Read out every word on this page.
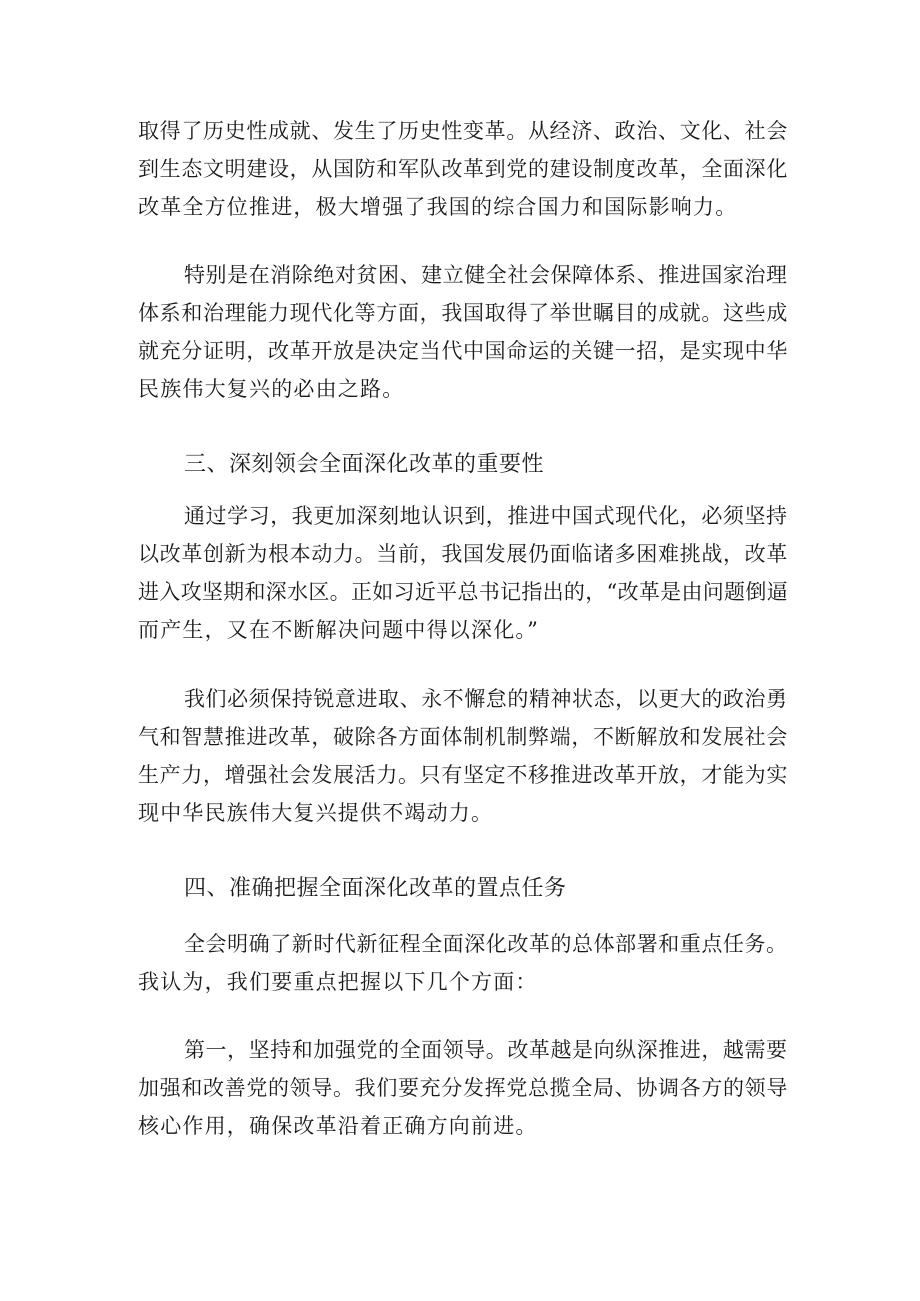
取得了历史性成就、发生了历史性变革。从经济、政治、文化、社会
到生态文明建设，从国防和军队改革到党的建设制度改革，全面深化
改革全方位推进，极大增强了我国的综合国力和国际影响力。
特别是在消除绝对贫困、建立健全社会保障体系、推进国家治理
体系和治理能力现代化等方面，我国取得了举世瞩目的成就。这些成
就充分证明，改革开放是决定当代中国命运的关键一招，是实现中华
民族伟大复兴的必由之路。
三、深刻领会全面深化改革的重要性
通过学习，我更加深刻地认识到，推进中国式现代化，必须坚持
以改革创新为根本动力。当前，我国发展仍面临诸多困难挑战，改革
进入攻坚期和深水区。正如习近平总书记指出的，“改革是由问题倒逼
而产生，又在不断解决问题中得以深化。”
我们必须保持锐意进取、永不懈怠的精神状态，以更大的政治勇
气和智慧推进改革，破除各方面体制机制弊端，不断解放和发展社会
生产力，增强社会发展活力。只有坚定不移推进改革开放，才能为实
现中华民族伟大复兴提供不竭动力。
四、准确把握全面深化改革的置点任务
全会明确了新时代新征程全面深化改革的总体部署和重点任务。
我认为，我们要重点把握以下几个方面：
第一，坚持和加强党的全面领导。改革越是向纵深推进，越需要
加强和改善党的领导。我们要充分发挥党总揽全局、协调各方的领导
核心作用，确保改革沿着正确方向前进。
